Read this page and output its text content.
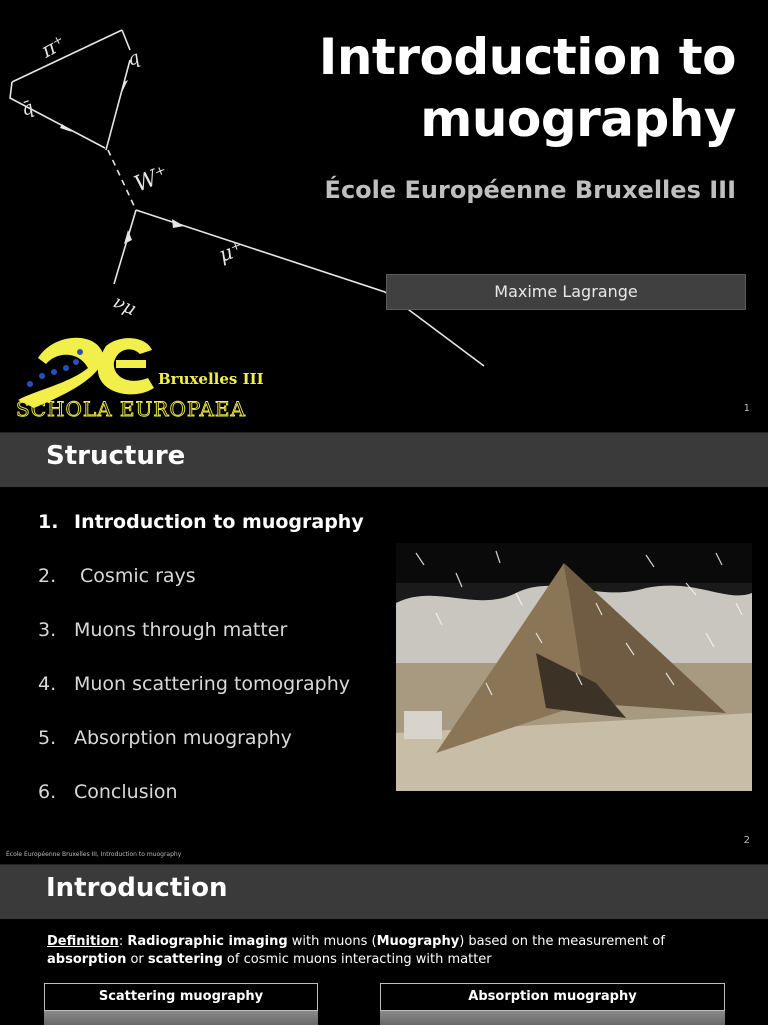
π⁺	q
q̄
W⁺
μ⁺
νμ
Introduction to muography
École Européenne Bruxelles III
Maxime Lagrange
Bruxelles III
SCHOLA EUROPAEA	1
Structure
1. Introduction to muography
2. Cosmic rays
3. Muons through matter
4. Muon scattering tomography
5. Absorption muography
6. Conclusion
École Européenne Bruxelles III, Introduction to muography
2
Introduction
Definition: Radiographic imaging with muons (Muography) based on the measurement of absorption or scattering of cosmic muons interacting with matter
Scattering muography	Absorption muography
